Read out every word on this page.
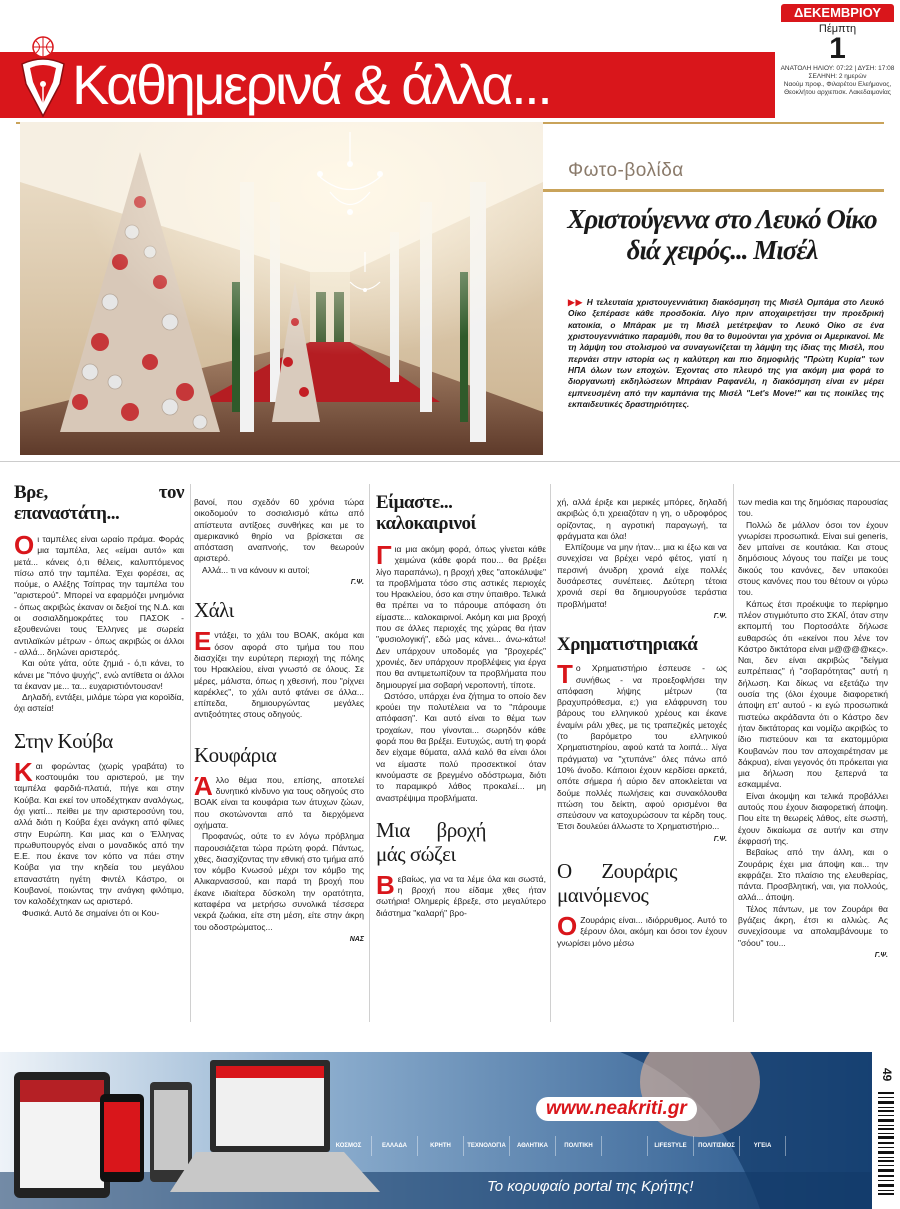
Καθημερινά & άλλα...
ΔΕΚΕΜΒΡΙΟΥ
Πέμπτη
1
ΑΝΑΤΟΛΗ ΗΛΙΟΥ: 07:22 | ΔΥΣΗ: 17:08
ΣΕΛΗΝΗ: 2 ημερών
Ναούμ προφ., Φιλαρέτου Ελεήμονος, Θεοκλήτου αρχιεπισκ. Λακεδαιμονίας
Φωτο-βολίδα
Χριστούγεννα στο Λευκό Οίκο διά χειρός... Μισέλ
▶▶ Η τελευταία χριστουγεννιάτικη διακόσμηση της Μισέλ Ομπάμα στο Λευκό Οίκο ξεπέρασε κάθε προσδοκία. Λίγο πριν αποχαιρετήσει την προεδρική κατοικία, ο Μπάρακ με τη Μισέλ μετέτρεψαν το Λευκό Οίκο σε ένα χριστουγεννιάτικο παραμύθι, που θα το θυμούνται για χρόνια οι Αμερικανοί. Με τη λάμψη του στολισμού να συναγωνίζεται τη λάμψη της ίδιας της Μισέλ, που περνάει στην ιστορία ως η καλύτερη και πιο δημοφιλής "Πρώτη Κυρία" των ΗΠΑ όλων των εποχών. Έχοντας στο πλευρό της για ακόμη μια φορά το διοργανωτή εκδηλώσεων Μπράιαν Ραφανέλι, η διακόσμηση είναι εν μέρει εμπνευσμένη από την καμπάνια της Μισέλ "Let's Move!" και τις ποικίλες της εκπαιδευτικές δραστηριότητες.
Βρε, τον επαναστάτη...

Οι ταμπέλες είναι ωραίο πράμα. Φοράς μια ταμπέλα, λες «είμαι αυτό» και μετά... κάνεις ό,τι θέλεις, καλυπτόμενος πίσω από την ταμπέλα. Έχει φορέσει, ας πούμε, ο Αλέξης Τσίπρας την ταμπέλα του "αριστερού". Μπορεί να εφαρμόζει μνημόνια - όπως ακριβώς έκαναν οι δεξιοί της Ν.Δ. και οι σοσιαλδημοκράτες του ΠΑΣΟΚ - εξουθενώνει τους Έλληνες με σωρεία αντιλαϊκών μέτρων - όπως ακριβώς οι άλλοι - αλλά... δηλώνει αριστερός.

Και ούτε γάτα, ούτε ζημιά - ό,τι κάνει, το κάνει με "πόνο ψυχής", ενώ αντίθετα οι άλλοι τα έκαναν με... τα... ευχαριστιόντουσαν!

Δηλαδή, εντάξει, μιλάμε τώρα για κοροϊδία, όχι αστεία!

Στην Κούβα

Και φορώντας (χωρίς γραβάτα) το κοστουμάκι του αριστερού, με την ταμπέλα φαρδιά-πλατιά, πήγε και στην Κούβα. Και εκεί τον υποδέχτηκαν αναλόγως, όχι γιατί... πείθει με την αριστεροσύνη του, αλλά διότι η Κούβα έχει ανάγκη από φίλιες στην Ευρώπη. Και μιας και ο Έλληνας πρωθυπουργός είναι ο μοναδικός από την Ε.Ε. που έκανε τον κόπο να πάει στην Κούβα για την κηδεία του μεγάλου επαναστάτη ηγέτη Φιντέλ Κάστρο, οι Κουβανοί, ποιώντας την ανάγκη φιλότιμο, τον καλοδέχτηκαν ως αριστερό.

Φυσικά. Αυτό δε σημαίνει ότι οι Κου-

βανοί, που σχεδόν 60 χρόνια τώρα οικοδομούν το σοσιαλισμό κάτω από απίστευτα αντίξοες συνθήκες και με το αμερικανικό θηρίο να βρίσκεται σε απόσταση αναπνοής, τον θεωρούν αριστερό.

Αλλά... τι να κάνουν κι αυτοί;

Γ.Ψ.
Χάλι

Εντάξει, το χάλι του ΒΟΑΚ, ακόμα και όσον αφορά στο τμήμα του που διασχίζει την ευρύτερη περιοχή της πόλης του Ηρακλείου, είναι γνωστό σε όλους. Σε μέρες, μάλιστα, όπως η χθεσινή, που "ρίχνει καρέκλες", το χάλι αυτό φτάνει σε άλλα... επίπεδα, δημιουργώντας μεγάλες αντιξοότητες στους οδηγούς.

Κουφάρια

Άλλο θέμα που, επίσης, αποτελεί δυνητικό κίνδυνο για τους οδηγούς στο ΒΟΑΚ είναι τα κουφάρια των άτυχων ζώων, που σκοτώνονται από τα διερχόμενα οχήματα.

Προφανώς, ούτε το εν λόγω πρόβλημα παρουσιάζεται τώρα πρώτη φορά. Πάντως, χθες, διασχίζοντας την εθνική στο τμήμα από τον κόμβο Κνωσού μέχρι τον κόμβο της Αλικαρνασσού, και παρά τη βροχή που έκανε ιδιαίτερα δύσκολη την ορατότητα, καταφέρα να μετρήσω συνολικά τέσσερα νεκρά ζωάκια, είτε στη μέση, είτε στην άκρη του οδοστρώματος...

ΝΑΣ
Είμαστε... καλοκαιρινοί

Για μια ακόμη φορά, όπως γίνεται κάθε χειμώνα (κάθε φορά που... θα βρέξει λίγο παραπάνω), η βροχή χθες "αποκάλυψε" τα προβλήματα τόσο στις αστικές περιοχές του Ηρακλείου, όσο και στην ύπαιθρο. Τελικά θα πρέπει να το πάρουμε απόφαση ότι είμαστε... καλοκαιρινοί. Ακόμη και μια βροχή που σε άλλες περιοχές της χώρας θα ήταν "φυσιολογική", εδώ μας κάνει... άνω-κάτω! Δεν υπάρχουν υποδομές για "βροχερές" χρονιές, δεν υπάρχουν προβλέψεις για έργα που θα αντιμετωπίζουν τα προβλήματα που δημιουργεί μια σοβαρή νεροποντή, τίποτε.

Ωστόσο, υπάρχει ένα ζήτημα το οποίο δεν κρούει την πολυτέλεια να το "πάρουμε απόφαση". Και αυτό είναι το θέμα των τροχαίων, που γίνονται... σωρηδόν κάθε φορά που θα βρέξει. Ευτυχώς, αυτή τη φορά δεν είχαμε θύματα, αλλά καλό θα είναι όλοι να είμαστε πολύ προσεκτικοί όταν κινούμαστε σε βρεγμένο οδόστρωμα, διότι το παραμικρό λάθος προκαλεί... μη αναστρέψιμα προβλήματα.

Μια βροχή μάς σώζει

Βεβαίως, για να τα λέμε όλα και σωστά, η βροχή που είδαμε χθες ήταν σωτήρια! Ολημερίς έβρεξε, στο μεγαλύτερο διάστημα "καλαρή" βρο-

χή, αλλά έριξε και μερικές μπόρες, δηλαδή ακριβώς ό,τι χρειαζόταν η γη, ο υδροφόρος ορίζοντας, η αγροτική παραγωγή, τα φράγματα και όλα!

Ελπίζουμε να μην ήταν... μια κι έξω και να συνεχίσει να βρέχει νερό φέτος, γιατί η περσινή άνυδρη χρονιά είχε πολλές δυσάρεστες συνέπειες. Δεύτερη τέτοια χρονιά σερί θα δημιουργούσε τεράστια προβλήματα!

Γ.Ψ.
Χρηματιστηριακά

Το Χρηματιστήριο έσπευσε - ως συνήθως - να προεξοφλήσει την απόφαση λήψης μέτρων (τα βραχυπρόθεσμα, ε;) για ελάφρυνση του βάρους του ελληνικού χρέους και έκανε έναμίνι ράλι χθες, με τις τραπεζικές μετοχές (το βαρόμετρο του ελληνικού Χρηματιστηρίου, αφού κατά τα λοιπά... λίγα πράγματα) να "χτυπάνε" όλες πάνω από 10% άνοδο. Κάποιοι έχουν κερδίσει αρκετά, οπότε σήμερα ή αύριο δεν αποκλείεται να δούμε πολλές πωλήσεις και συνακόλουθα πτώση του δείκτη, αφού ορισμένοι θα σπεύσουν να κατοχυρώσουν τα κέρδη τους. Έτσι δουλεύει άλλωστε το Χρηματιστήριο...

Γ.Ψ.
Ο Ζουράρις μαινόμενος

Ο Ζουράρις είναι... ιδιόρρυθμος. Αυτό το ξέρουν όλοι, ακόμη και όσοι τον έχουν γνωρίσει μόνο μέσω

των media και της δημόσιας παρουσίας του.

Πολλώ δε μάλλον όσοι τον έχουν γνωρίσει προσωπικά. Είναι sui generis, δεν μπαίνει σε κουτάκια. Και στους δημόσιους λόγους του παίζει με τους δικούς του κανόνες, δεν υπακούει στους κανόνες που του θέτουν οι γύρω του.

Κάπως έτσι προέκυψε το περίφημο πλέον στιγμιότυπο στο ΣΚΑΪ, όταν στην εκπομπή του Πορτοσάλτε δήλωσε ευθαρσώς ότι «εκείνοι που λένε τον Κάστρο δικτάτορα είναι μ@@@@κες». Ναι, δεν είναι ακριβώς "δείγμα ευπρέπειας" ή "σοβαρότητας" αυτή η δήλωση. Και δίκως να εξετάζω την ουσία της (όλοι έχουμε διαφορετική άποψη επ' αυτού - κι εγώ προσωπικά πιστεύω ακράδαντα ότι ο Κάστρο δεν ήταν δικτάτορας και νομίζω ακριβώς το ίδιο πιστεύουν και τα εκατομμύρια Κουβανών που τον αποχαιρέτησαν με δάκρυα), είναι γεγονός ότι πρόκειται για μια δήλωση που ξεπερνά τα εσκαμμένα.

Είναι άκομψη και τελικά προβάλλει αυτούς που έχουν διαφορετική άποψη. Που είτε τη θεωρείς λάθος, είτε σωστή, έχουν δικαίωμα σε αυτήν και στην έκφρασή της.

Βεβαίως από την άλλη, και ο Ζουράρις έχει μια άποψη και... την εκφράζει. Στο πλαίσιο της ελευθερίας, πάντα. Προσβλητική, ναι, για πολλούς, αλλά... άποψη.

Τέλος πάντων, με τον Ζουράρι θα βγάζεις άκρη, έτσι κι αλλιώς. Ας συνεχίσουμε να απολαμβάνουμε το "σόου" του...

Γ.Ψ.
www.neakriti.gr
ΚΟΣΜΟΣ	ΕΛΛΑΔΑ	ΚΡΗΤΗ	ΤΕΧΝΟΛΟΓΙΑ	ΑΘΛΗΤΙΚΑ	ΠΟΛΙΤΙΚΗ	LIFESTYLE	ΠΟΛΙΤΙΣΜΟΣ	ΥΓΕΙΑ
Το κορυφαίο portal της Κρήτης!
49
